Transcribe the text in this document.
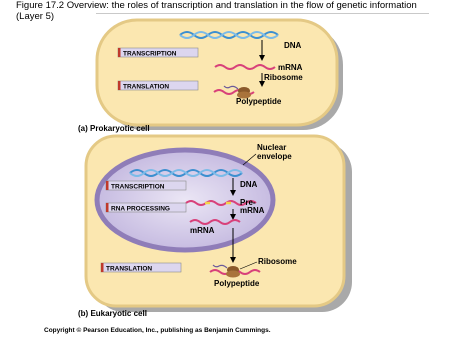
Figure 17.2 Overview: the roles of transcription and translation in the flow of genetic information (Layer 5)
DNA
TRANSCRIPTION
mRNA
Ribosome
TRANSLATION
Polypeptide
(a) Prokaryotic cell
Nuclear
envelope
TRANSCRIPTION	DNA
Pre-
mRNA
RNA PROCESSING
mRNA
TRANSLATION
Ribosome
Polypeptide
(b) Eukaryotic cell
Copyright © Pearson Education, Inc., publishing as Benjamin Cummings.
